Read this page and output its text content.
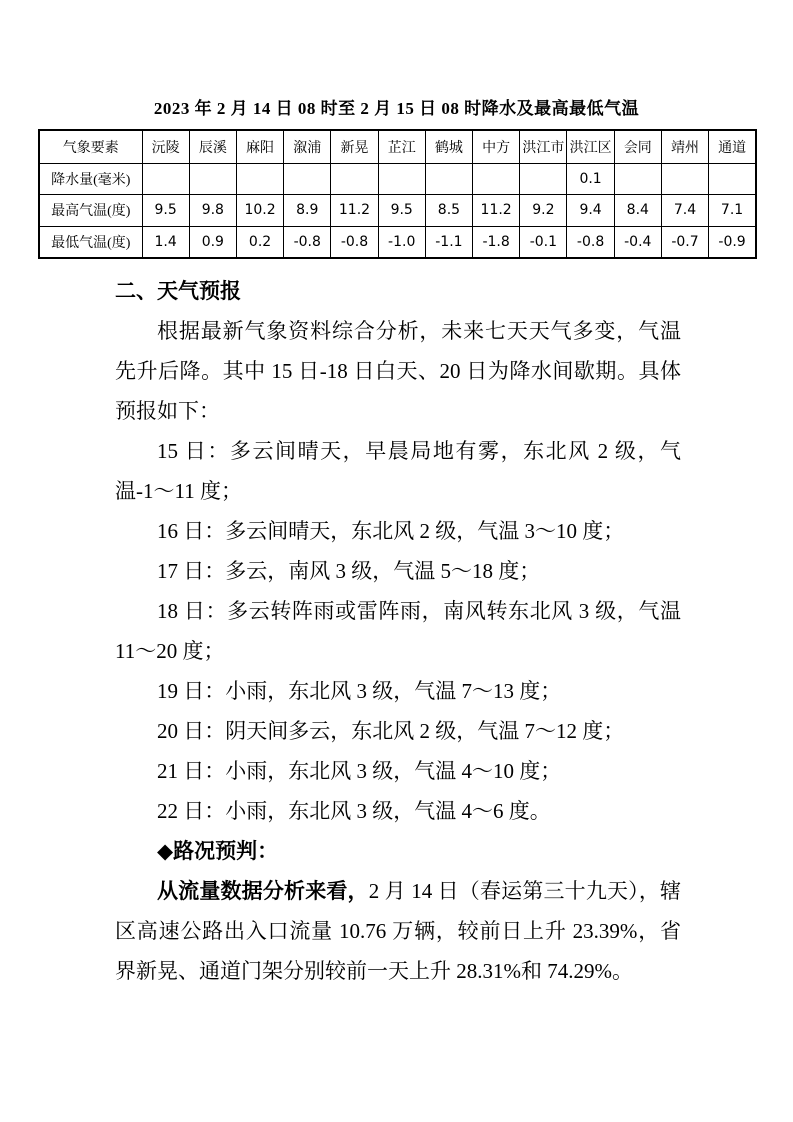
2023 年 2 月 14 日 08 时至 2 月 15 日 08 时降水及最高最低气温
气象要素	沅陵	辰溪	麻阳	溆浦	新晃	芷江	鹤城	中方	洪江市	洪江区	会同	靖州	通道
降水量(毫米)										0.1			
最高气温(度)	9.5	9.8	10.2	8.9	11.2	9.5	8.5	11.2	9.2	9.4	8.4	7.4	7.1
最低气温(度)	1.4	0.9	0.2	-0.8	-0.8	-1.0	-1.1	-1.8	-0.1	-0.8	-0.4	-0.7	-0.9
二、天气预报

根据最新气象资料综合分析，未来七天天气多变，气温先升后降。其中 15 日-18 日白天、20 日为降水间歇期。具体预报如下：

15 日：多云间晴天，早晨局地有雾，东北风 2 级，气温-1～11 度；

16 日：多云间晴天，东北风 2 级，气温 3～10 度；

17 日：多云，南风 3 级，气温 5～18 度；

18 日：多云转阵雨或雷阵雨，南风转东北风 3 级，气温 11～20 度；

19 日：小雨，东北风 3 级，气温 7～13 度；

20 日：阴天间多云，东北风 2 级，气温 7～12 度；

21 日：小雨，东北风 3 级，气温 4～10 度；

22 日：小雨，东北风 3 级，气温 4～6 度。

◆路况预判：

从流量数据分析来看，2 月 14 日（春运第三十九天），辖区高速公路出入口流量 10.76 万辆，较前日上升 23.39%，省界新晃、通道门架分别较前一天上升 28.31%和 74.29%。
